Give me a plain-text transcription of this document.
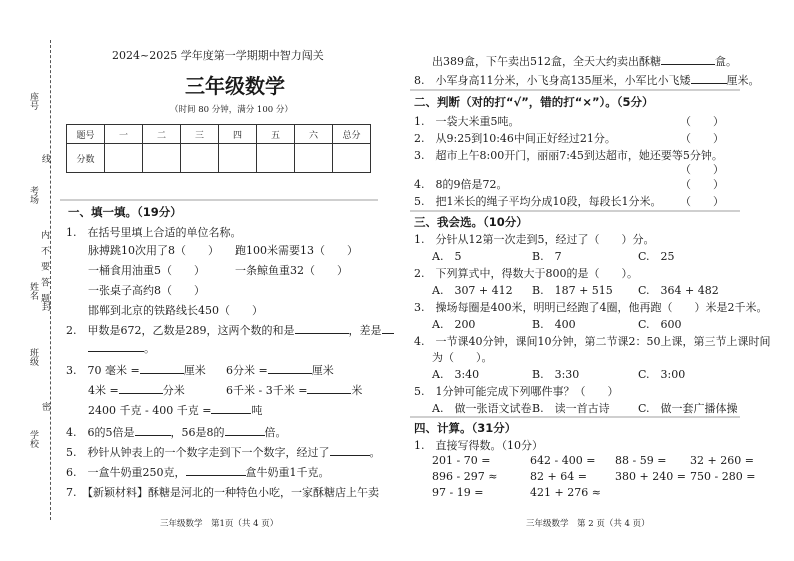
座号
考场
姓名
班级
学校
线
内 不 要 答 题
封
密
2024~2025 学年度第一学期期中智力闯关
三年级数学
（时间 80 分钟，满分 100 分）
题号	一	二	三	四	五	六	总分
分数							
一、填一填。（19分）
1.　在括号里填上合适的单位名称。
脉搏跳10次用了8（　　） 跑100米需要13（　　）
一桶食用油重5（　　）	一条鲸鱼重32（　　）
一张桌子高约8（　　）
邯郸到北京的铁路线长450（　　）
2.　甲数是672，乙数是289，这两个数的和是	，差是
。
3.　70 毫米 =	厘米 6分米 =	厘米
4米 =	分米	6千米 - 3千米 =	米
2400 千克 - 400 千克 =	吨
4.　6的5倍是	，56是8的	倍。
5.　秒针从钟表上的一个数字走到下一个数字，经过了	。
6.　一盒牛奶重250克，	盒牛奶重1千克。
7.　【新颖材料】酥糖是河北的一种特色小吃，一家酥糖店上午卖
三年级数学　第1页（共 4 页）
出389盒，下午卖出512盒，全天大约卖出酥糖	盒。
8.　小军身高11分米，小飞身高135厘米，小军比小飞矮	厘米。
二、判断（对的打“√”，错的打“×”）。（5分）
1.　一袋大米重5吨。	（　　）
2.　从9:25到10:46中间正好经过21分。	（　　）
3.　超市上午8:00开门，丽丽7:45到达超市，她还要等5分钟。
（　　）
4.　8的9倍是72。	（　　）
5.　把1米长的绳子平均分成10段，每段长1分米。 （　　）
三、我会选。（10分）
1.　分针从12第一次走到5，经过了（　　）分。
A.　5	B.　7	C.　25
2.　下列算式中，得数大于800的是（　　）。
A.　307 + 412 B.　187 + 515 C.　364 + 482
3.　操场每圈是400米，明明已经跑了4圈，他再跑（　　）米是2千米。
A.　200	B.　400	C.　600
4.　一节课40分钟，课间10分钟，第二节课2：50上课，第三节上课时间
为（　　）。
A.　3:40	B.　3:30	C.　3:00
5.　1分钟可能完成下列哪件事？（　　）
A.　做一张语文试卷 B.　读一首古诗	C.　做一套广播体操
四、计算。（31分）
1.　直接写得数。（10分）
201 - 70 =	642 - 400 = 88 - 59 = 32 + 260 =
896 - 297 ≈	82 + 64 =	380 + 240 = 750 - 280 =
97 - 19 =	421 + 276 ≈
三年级数学　第 2 页（共 4 页）
